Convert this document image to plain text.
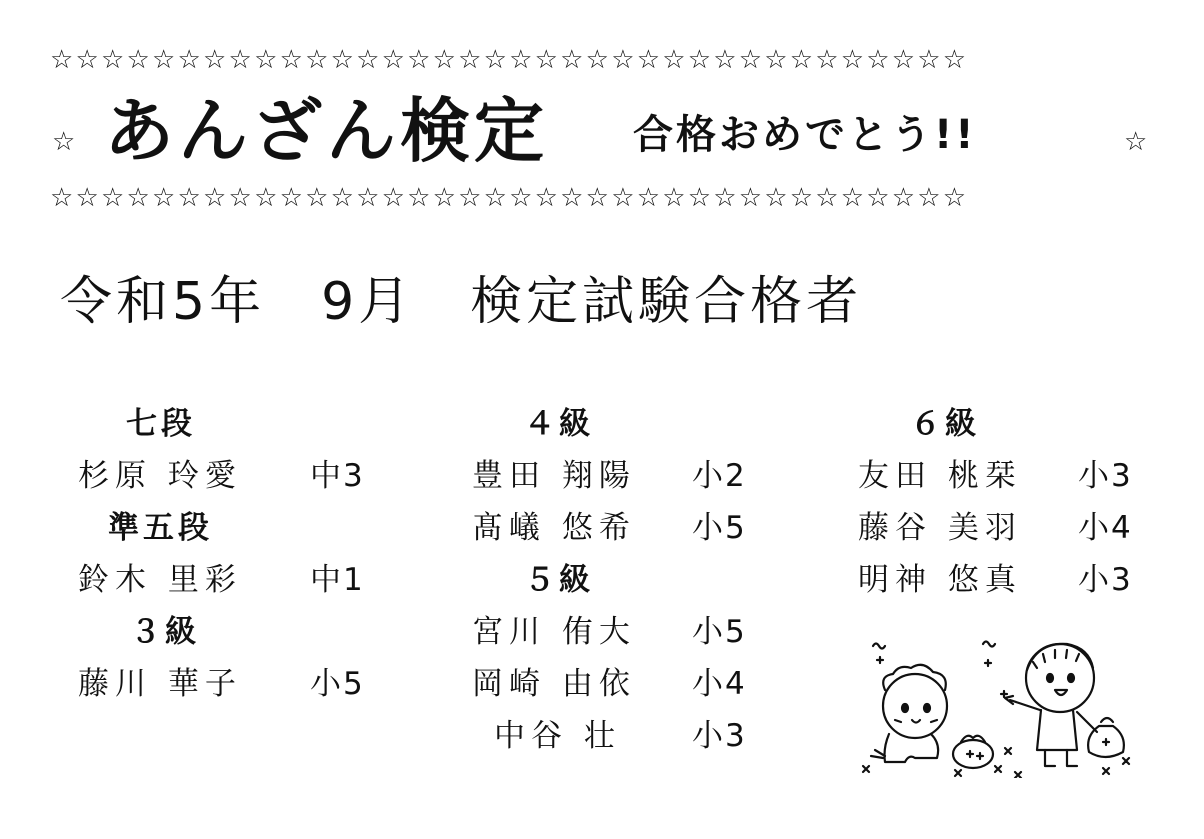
☆☆☆☆☆☆☆☆☆☆☆☆☆☆☆☆☆☆☆☆☆☆☆☆☆☆☆☆☆☆☆☆☆☆☆☆
☆ あんざん検定 合格おめでとう!!	☆
☆☆☆☆☆☆☆☆☆☆☆☆☆☆☆☆☆☆☆☆☆☆☆☆☆☆☆☆☆☆☆☆☆☆☆☆
令和5年　9月　検定試験合格者
七段
杉原 玲愛 中3
準五段
鈴木 里彩 中1
３級
藤川 華子 小5
４級
豊田 翔陽 小2
髙嶬 悠希 小5
５級
宮川 侑大 小5
岡崎 由依 小4
中谷 壮 小3
６級
友田 桃栞 小3
藤谷 美羽 小4
明神 悠真 小3
